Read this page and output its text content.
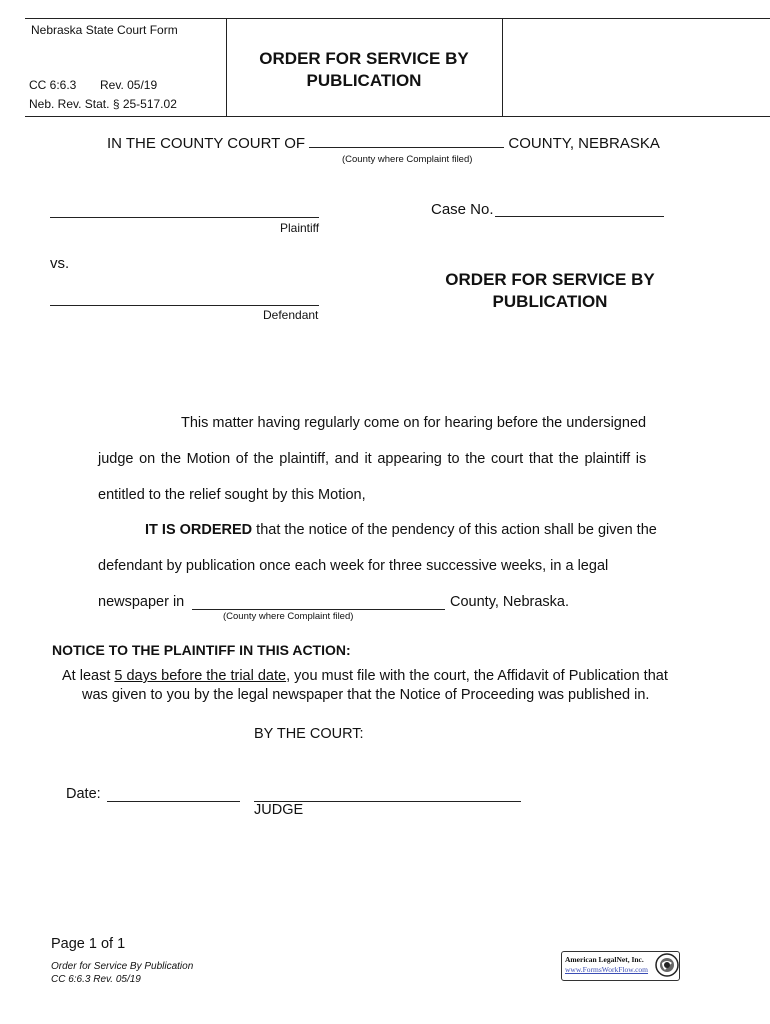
Nebraska State Court Form
CC 6:6.3 Rev. 05/19
Neb. Rev. Stat. § 25-517.02
ORDER FOR SERVICE BY
PUBLICATION
IN THE COUNTY COURT OF	COUNTY, NEBRASKA
(County where Complaint filed)
Plaintiff
Case No.
vs.
Defendant
ORDER FOR SERVICE BY
PUBLICATION
This matter having regularly come on for hearing before the undersigned
judge on the Motion of the plaintiff, and it appearing to the court that the plaintiff is
entitled to the relief sought by this Motion,
IT IS ORDERED that the notice of the pendency of this action shall be given the
defendant by publication once each week for three successive weeks, in a legal
newspaper in	County, Nebraska.
(County where Complaint filed)
NOTICE TO THE PLAINTIFF IN THIS ACTION:
At least 5 days before the trial date, you must file with the court, the Affidavit of Publication that
was given to you by the legal newspaper that the Notice of Proceeding was published in.
BY THE COURT:
Date:
JUDGE
Page 1 of 1
Order for Service By Publication
CC 6:6.3 Rev. 05/19
American LegalNet, Inc.
www.FormsWorkFlow.com
